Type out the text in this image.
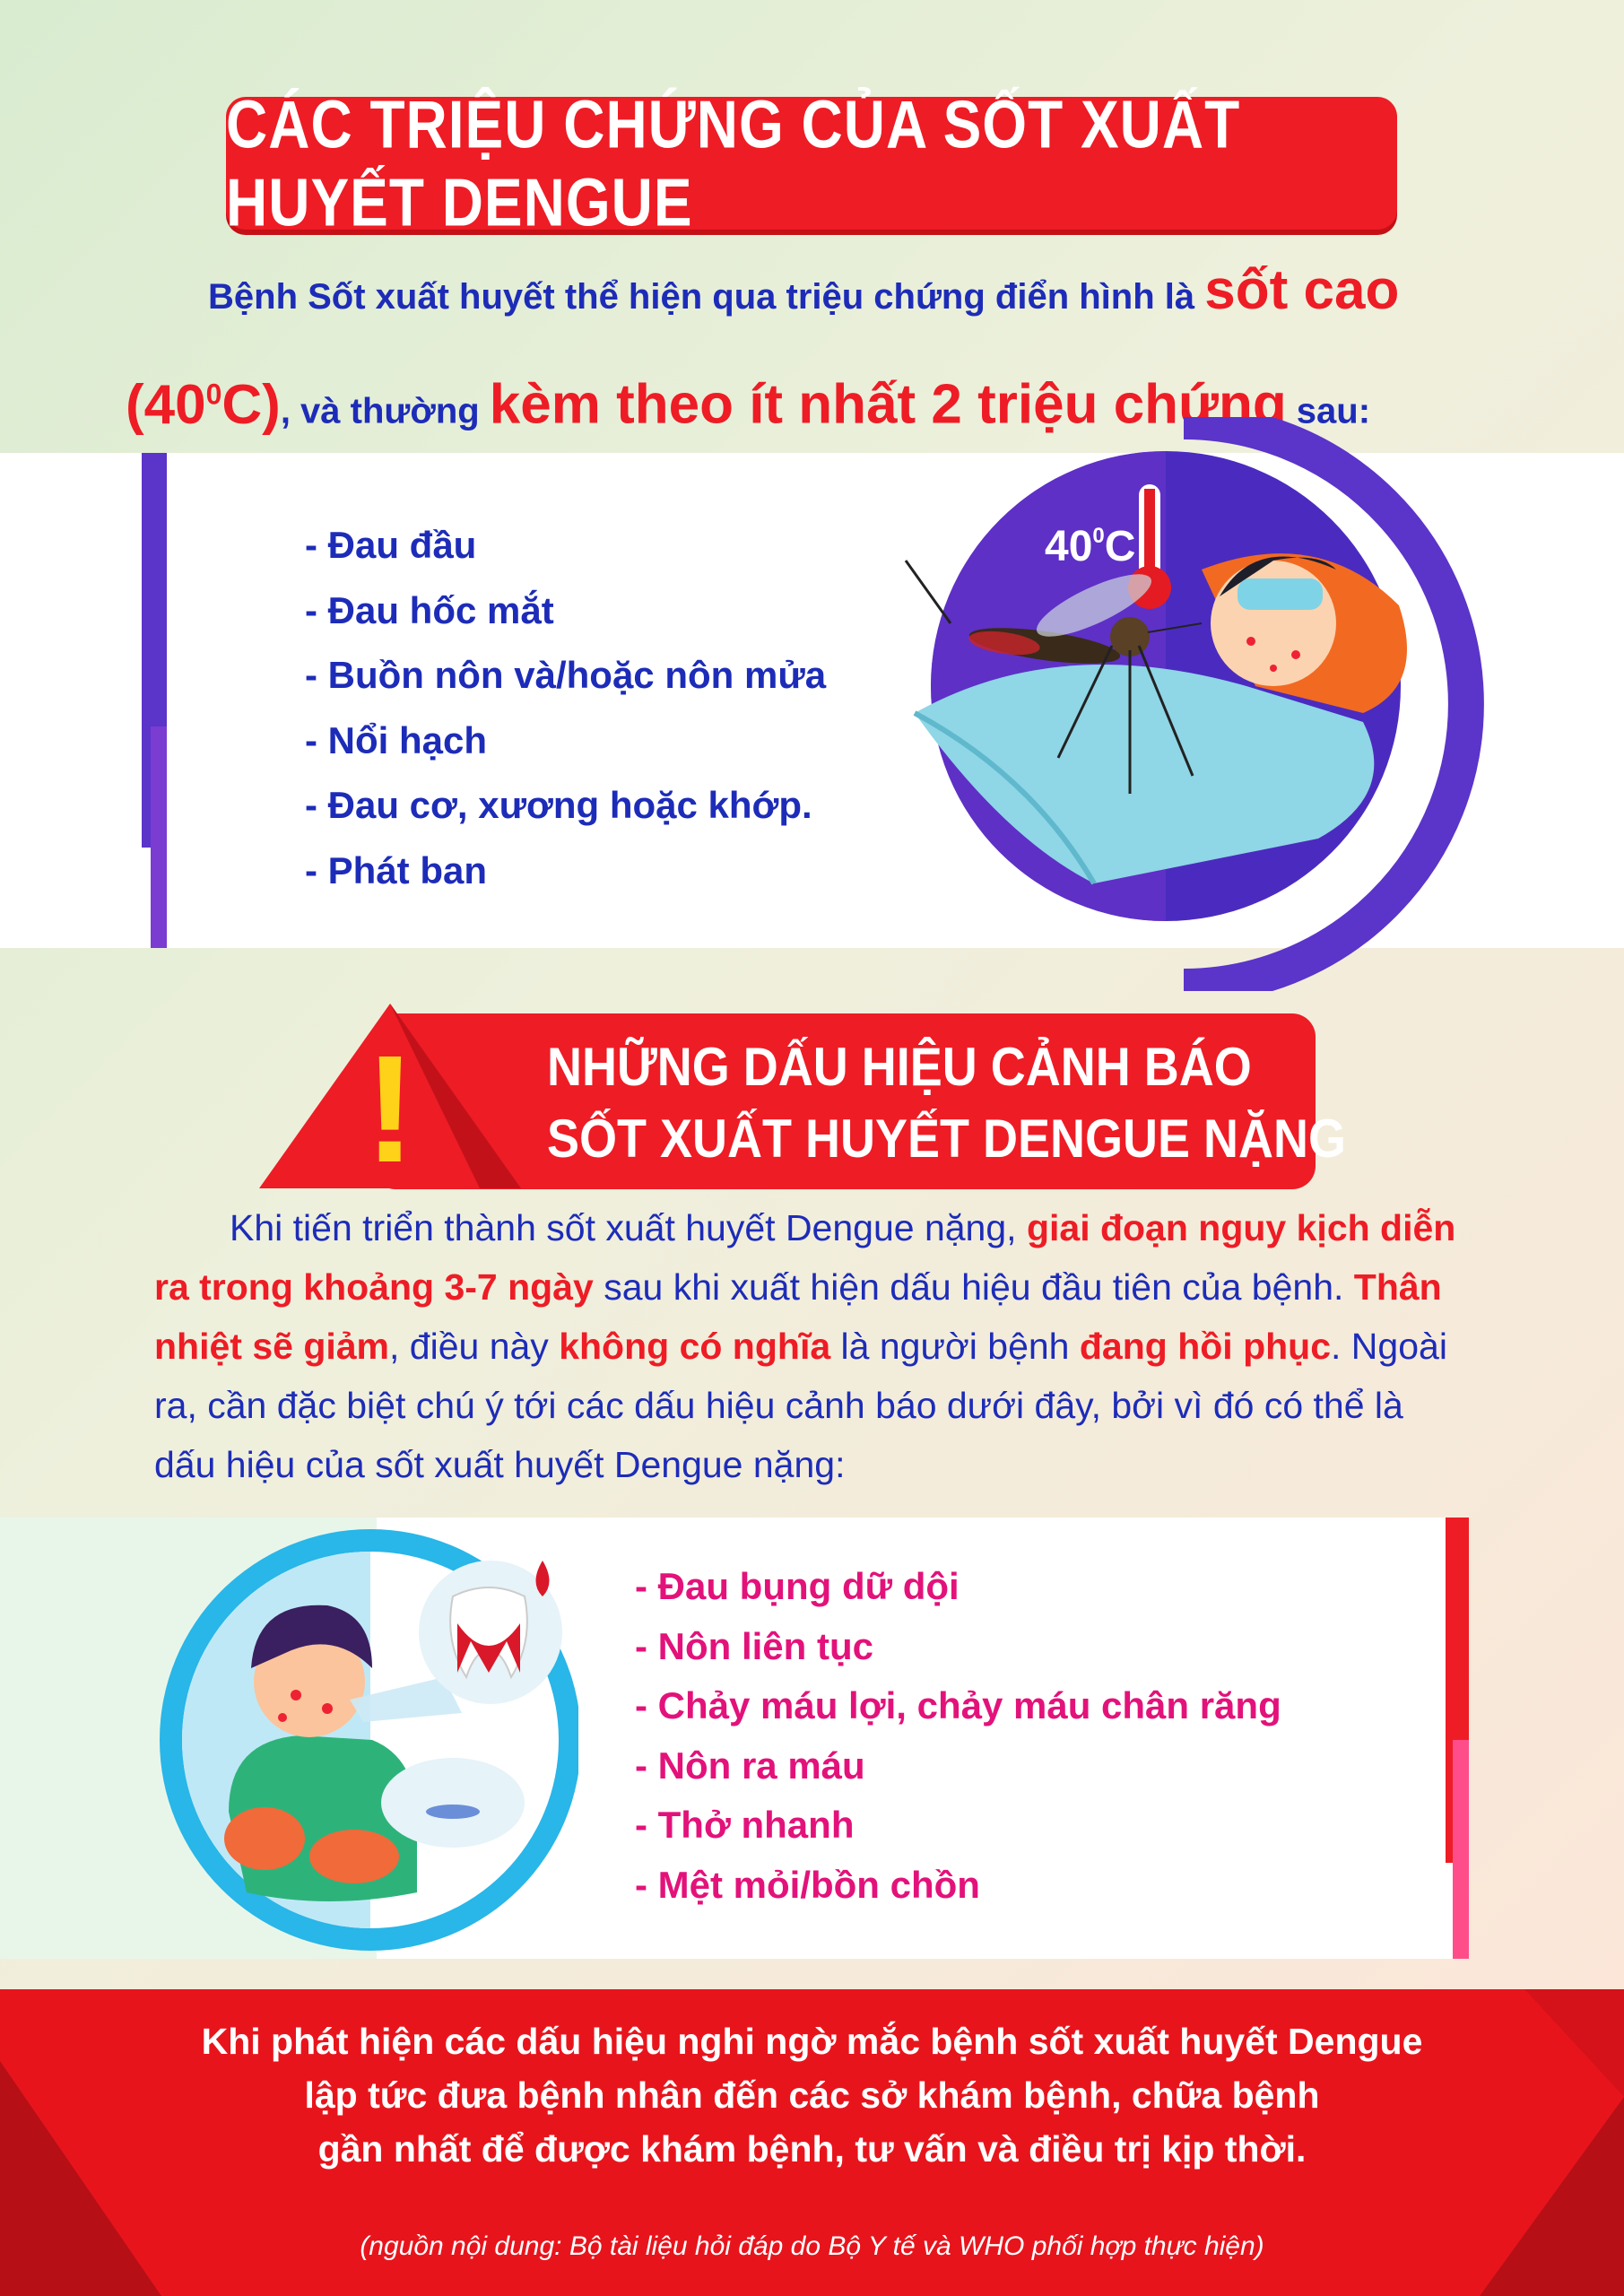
CÁC TRIỆU CHỨNG CỦA SỐT XUẤT HUYẾT DENGUE
Bệnh Sốt xuất huyết thể hiện qua triệu chứng điển hình là sốt cao
$(40^0C)$, và thường kèm theo ít nhất 2 triệu chứng sau:
- Đau đầu
- Đau hốc mắt
- Buồn nôn và/hoặc nôn mửa
- Nổi hạch
- Đau cơ, xương hoặc khớp.
- Phát ban
$40^0C$
!	NHỮNG DẤU HIỆU CẢNH BÁO
SỐT XUẤT HUYẾT DENGUE NẶNG
Khi tiến triển thành sốt xuất huyết Dengue nặng, giai đoạn nguy kịch diễn ra trong khoảng 3-7 ngày sau khi xuất hiện dấu hiệu đầu tiên của bệnh. Thân nhiệt sẽ giảm, điều này không có nghĩa là người bệnh đang hồi phục. Ngoài ra, cần đặc biệt chú ý tới các dấu hiệu cảnh báo dưới đây, bởi vì đó có thể là dấu hiệu của sốt xuất huyết Dengue nặng:
- Đau bụng dữ dội
- Nôn liên tục
- Chảy máu lợi, chảy máu chân răng
- Nôn ra máu
- Thở nhanh
- Mệt mỏi/bồn chồn
Khi phát hiện các dấu hiệu nghi ngờ mắc bệnh sốt xuất huyết Dengue
lập tức đưa bệnh nhân đến các sở khám bệnh, chữa bệnh
gần nhất để được khám bệnh, tư vấn và điều trị kịp thời.
(nguồn nội dung: Bộ tài liệu hỏi đáp do Bộ Y tế và WHO phối hợp thực hiện)
